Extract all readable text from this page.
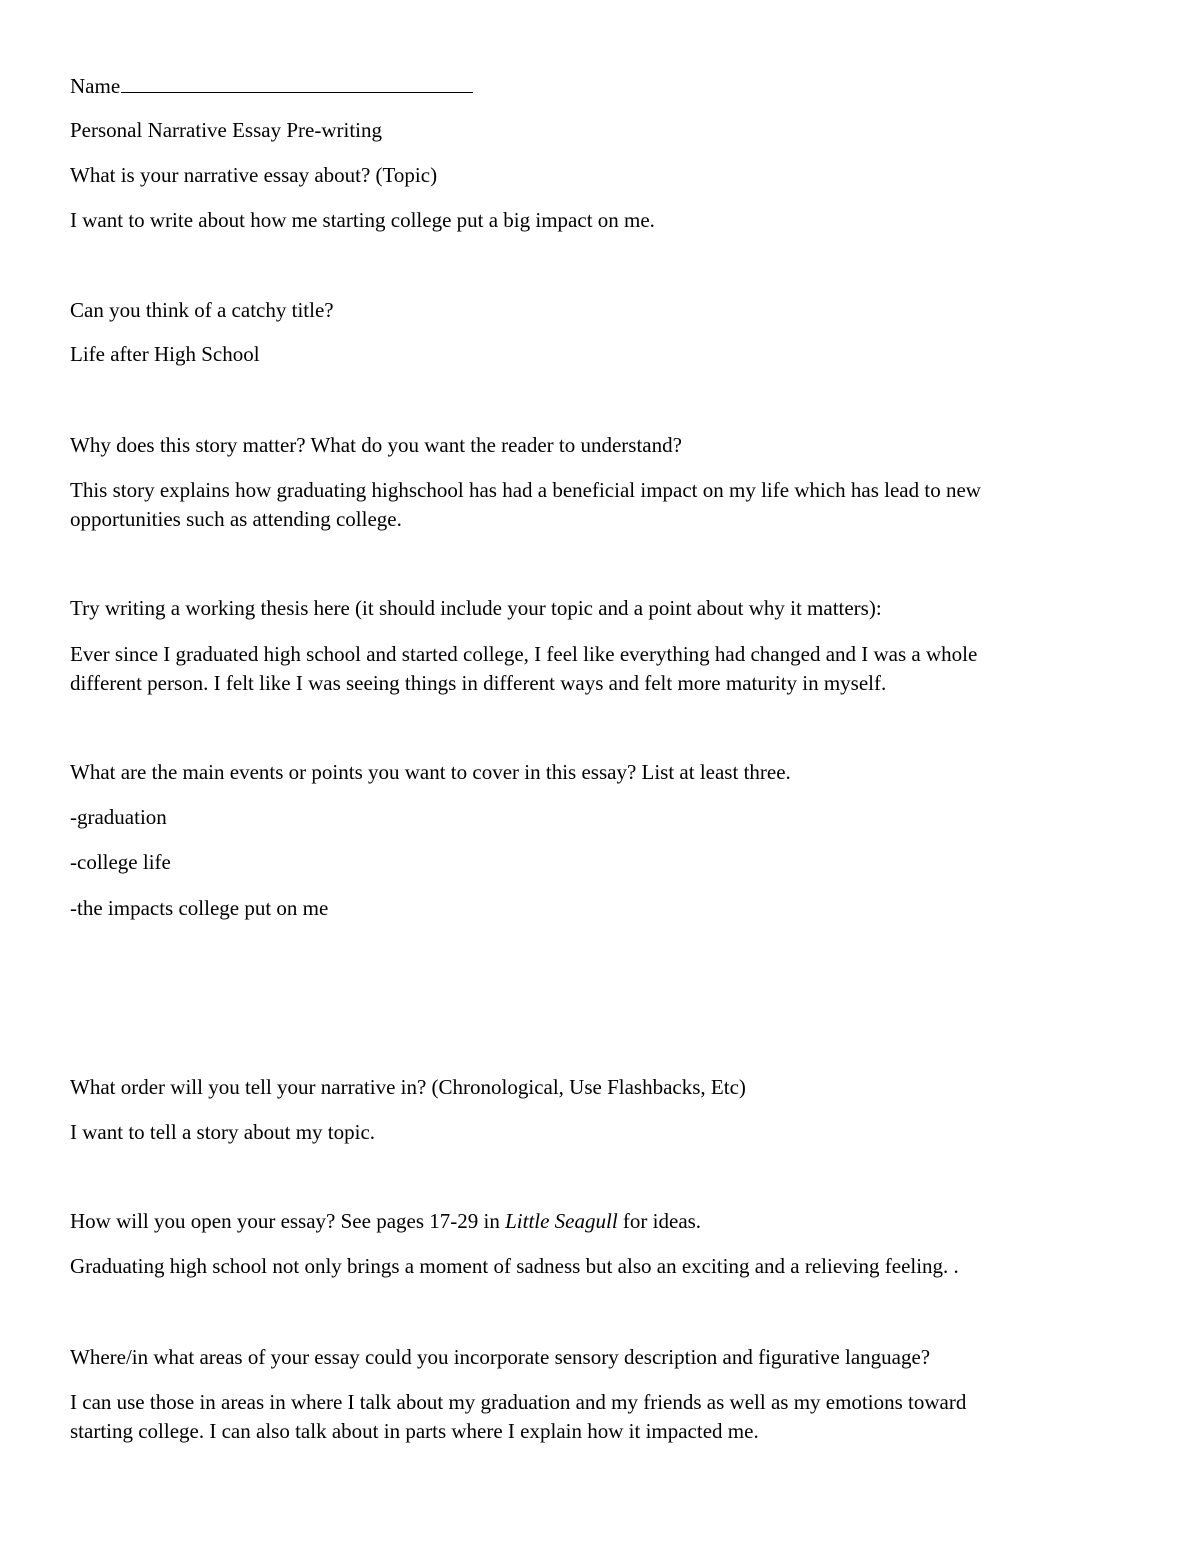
Name
Personal Narrative Essay Pre-writing
What is your narrative essay about? (Topic)
I want to write about how me starting college put a big impact on me.
Can you think of a catchy title?
Life after High School
Why does this story matter? What do you want the reader to understand?
This story explains how graduating highschool has had a beneficial impact on my life which has lead to new
opportunities such as attending college.
Try writing a working thesis here (it should include your topic and a point about why it matters):
Ever since I graduated high school and started college, I feel like everything had changed and I was a whole
different person. I felt like I was seeing things in different ways and felt more maturity in myself.
What are the main events or points you want to cover in this essay? List at least three.
-graduation
-college life
-the impacts college put on me
What order will you tell your narrative in? (Chronological, Use Flashbacks, Etc)
I want to tell a story about my topic.
How will you open your essay? See pages 17-29 in Little Seagull for ideas.
Graduating high school not only brings a moment of sadness but also an exciting and a relieving feeling. .
Where/in what areas of your essay could you incorporate sensory description and figurative language?
I can use those in areas in where I talk about my graduation and my friends as well as my emotions toward
starting college. I can also talk about in parts where I explain how it impacted me.
